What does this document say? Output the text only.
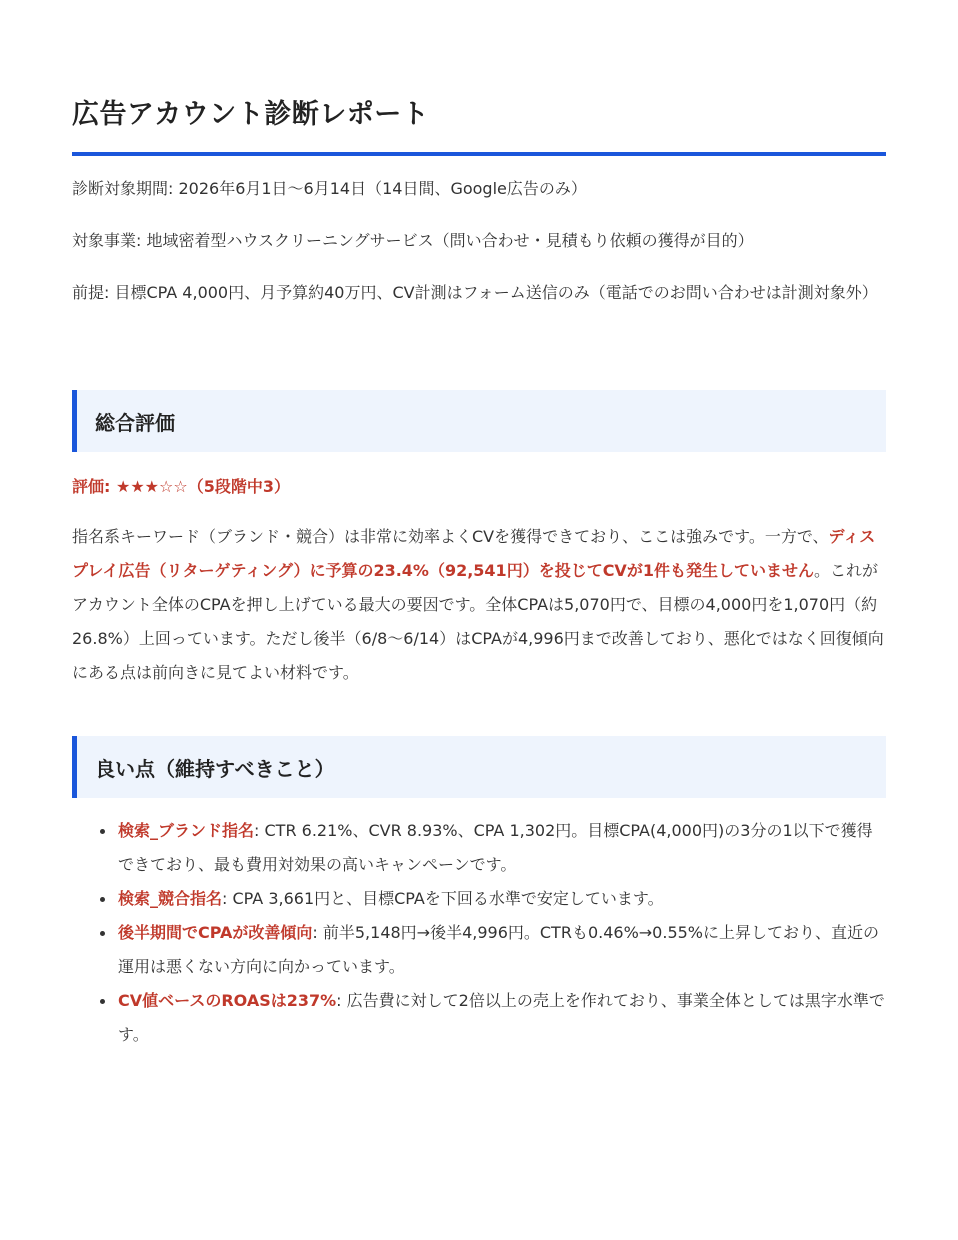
広告アカウント診断レポート

診断対象期間: 2026年6月1日〜6月14日（14日間、Google広告のみ）

対象事業: 地域密着型ハウスクリーニングサービス（問い合わせ・見積もり依頼の獲得が目的）

前提: 目標CPA 4,000円、月予算約40万円、CV計測はフォーム送信のみ（電話でのお問い合わせは計測対象外）

総合評価
評価: ★★★☆☆（5段階中3）

指名系キーワード（ブランド・競合）は非常に効率よくCVを獲得できており、ここは強みです。一方で、ディスプレイ広告（リターゲティング）に予算の23.4%（92,541円）を投じてCVが1件も発生していません。これがアカウント全体のCPAを押し上げている最大の要因です。全体CPAは5,070円で、目標の4,000円を1,070円（約26.8%）上回っています。ただし後半（6/8〜6/14）はCPAが4,996円まで改善しており、悪化ではなく回復傾向にある点は前向きに見てよい材料です。

良い点（維持すべきこと）
検索_ブランド指名: CTR 6.21%、CVR 8.93%、CPA 1,302円。目標CPA(4,000円)の3分の1以下で獲得できており、最も費用対効果の高いキャンペーンです。
検索_競合指名: CPA 3,661円と、目標CPAを下回る水準で安定しています。
後半期間でCPAが改善傾向: 前半5,148円→後半4,996円。CTRも0.46%→0.55%に上昇しており、直近の運用は悪くない方向に向かっています。
CV値ベースのROASは237%: 広告費に対して2倍以上の売上を作れており、事業全体としては黒字水準です。
